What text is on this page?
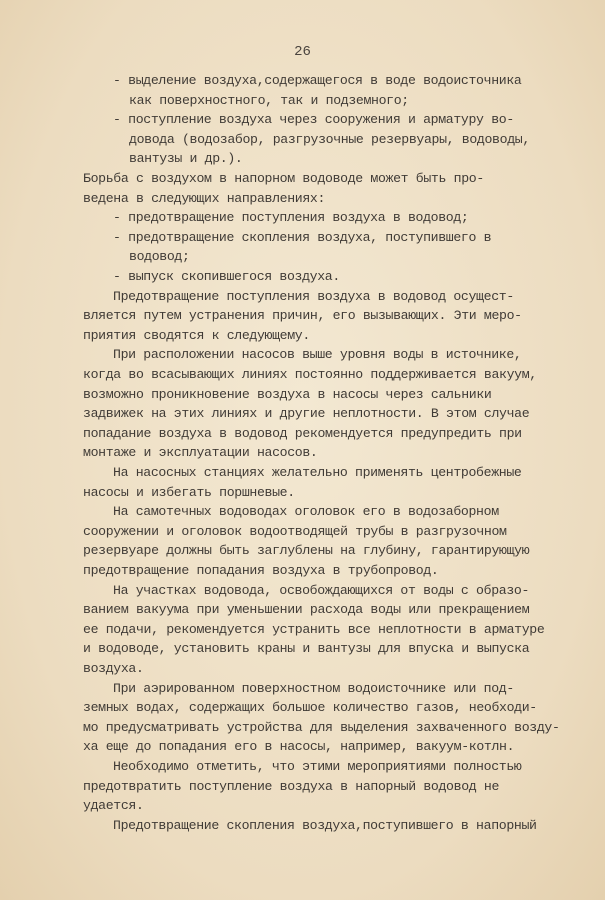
26
- выделение воздуха,содержащегося в воде водоисточника
как поверхностного, так и подземного;
- поступление воздуха через сооружения и арматуру во-
довода (водозабор, разгрузочные резервуары, водоводы,
вантузы и др.).
Борьба с воздухом в напорном водоводе может быть про-
ведена в следующих направлениях:
- предотвращение поступления воздуха в водовод;
- предотвращение скопления воздуха, поступившего в
водовод;
- выпуск скопившегося воздуха.
Предотвращение поступления воздуха в водовод осущест-
вляется путем устранения причин, его вызывающих. Эти меро-
приятия сводятся к следующему.
При расположении насосов выше уровня воды в источнике,
когда во всасывающих линиях постоянно поддерживается вакуум,
возможно проникновение воздуха в насосы через сальники
задвижек на этих линиях и другие неплотности. В этом случае
попадание воздуха в водовод рекомендуется предупредить при
монтаже и эксплуатации насосов.
На насосных станциях желательно применять центробежные
насосы и избегать поршневые.
На самотечных водоводах оголовок его в водозаборном
сооружении и оголовок водоотводящей трубы в разгрузочном
резервуаре должны быть заглублены на глубину, гарантирующую
предотвращение попадания воздуха в трубопровод.
На участках водовода, освобождающихся от воды с образо-
ванием вакуума при уменьшении расхода воды или прекращением
ее подачи, рекомендуется устранить все неплотности в арматуре
и водоводе, установить краны и вантузы для впуска и выпуска
воздуха.
При аэрированном поверхностном водоисточнике или под-
земных водах, содержащих большое количество газов, необходи-
мо предусматривать устройства для выделения захваченного возду-
ха еще до попадания его в насосы, например, вакуум-котлн.
Необходимо отметить, что этими мероприятиями полностью
предотвратить поступление воздуха в напорный водовод не
удается.
Предотвращение скопления воздуха,поступившего в напорный
